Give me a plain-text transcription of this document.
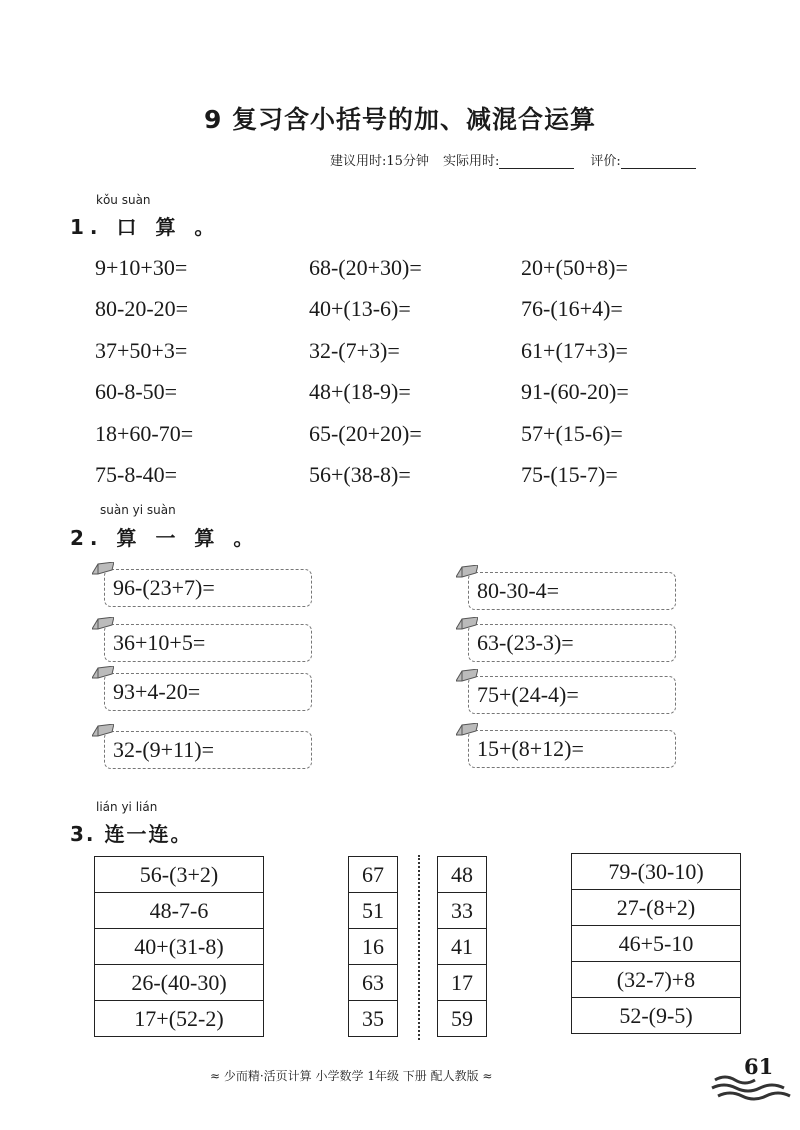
9 复习含小括号的加、减混合运算
建议用时:15分钟 实际用时:	评价:
kǒu suàn
1. 口 算 。
9+10+30=	68-(20+30)=	20+(50+8)=
80-20-20=	40+(13-6)=	76-(16+4)=
37+50+3=	32-(7+3)=	61+(17+3)=
60-8-50=	48+(18-9)=	91-(60-20)=
18+60-70=	65-(20+20)=	57+(15-6)=
75-8-40=	56+(38-8)=	75-(15-7)=
suàn yi suàn
2. 算 一 算 。
96-(23+7)=
36+10+5=
93+4-20=
32-(9+11)=
80-30-4=
63-(23-3)=
75+(24-4)=
15+(8+12)=
lián yi lián
3. 连一连。
56-(3+2)
48-7-6
40+(31-8)
26-(40-30)
17+(52-2)
67
51
16
63
35
48
33
41
17
59
79-(30-10)
27-(8+2)
46+5-10
(32-7)+8
52-(9-5)
≈ 少而精·活页计算 小学数学 1年级 下册 配人教版 ≈	61
